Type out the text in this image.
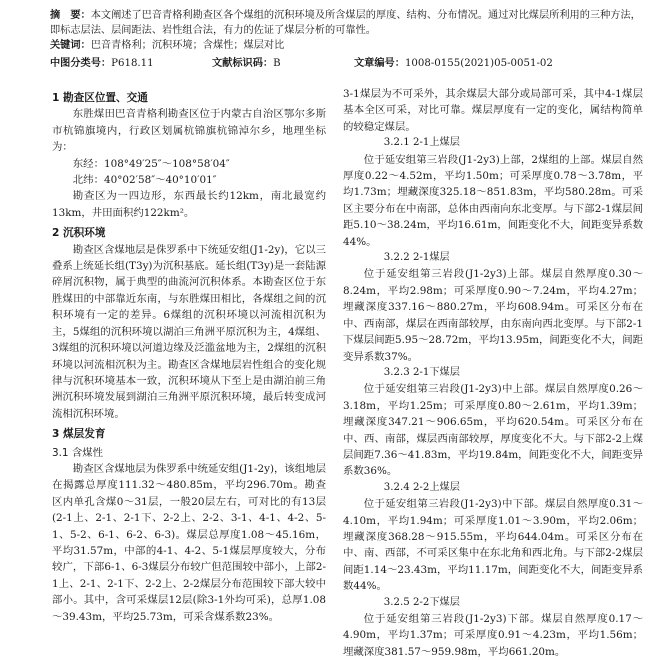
摘　要：本文阐述了巴音青格利勘查区各个煤组的沉积环境及所含煤层的厚度、结构、分布情况。通过对比煤层所利用的三种方法，即标志层法、层间距法、岩性组合法，有力的佐证了煤层分析的可靠性。
关键词：巴音青格利；沉积环境；含煤性；煤层对比
中图分类号：P618.11	文献标识码：B	文章编号：1008-0155(2021)05-0051-02
1 勘查区位置、交通

东胜煤田巴音青格利勘查区位于内蒙古自治区鄂尔多斯市杭锦旗境内，行政区划属杭锦旗杭锦淖尔乡，地理坐标为：

东经：108°49′25″～108°58′04″

北纬：40°02′58″～40°10′01″

勘查区为一四边形，东西最长约12km，南北最宽约13km，井田面积约122km²。

2 沉积环境

勘查区含煤地层是侏罗系中下统延安组(J1-2y)，它以三叠系上统延长组(T3y)为沉积基底。延长组(T3y)是一套陆源碎屑沉积物，属于典型的曲流河沉积体系。本勘查区位于东胜煤田的中部靠近东南，与东胜煤田相比，各煤组之间的沉积环境有一定的差异。6煤组的沉积环境以河流相沉积为主，5煤组的沉积环境以湖泊三角洲平原沉积为主，4煤组、3煤组的沉积环境以河道边缘及泛滥盆地为主，2煤组的沉积环境以河流相沉积为主。勘查区含煤地层岩性组合的变化规律与沉积环境基本一致，沉积环境从下至上是由湖泊前三角洲沉积环境发展到湖泊三角洲平原沉积环境，最后转变成河流相沉积环境。

3 煤层发育
3.1 含煤性

勘查区含煤地层为侏罗系中统延安组(J1-2y)，该组地层在揭露总厚度111.32～480.85m，平均296.70m。勘查区内单孔含煤0～31层，一般20层左右，可对比的有13层(2-1上、2-1、2-1下、2-2上、2-2、3-1、4-1、4-2、5-1、5-2、6-1、6-2、6-3)。煤层总厚度1.08～45.16m，平均31.57m，中部的4-1、4-2、5-1煤层厚度较大，分布较广，下部6-1、6-3煤层分布较广但范围较中部小，上部2-1上、2-1、2-1下、2-2上、2-2煤层分布范围较下部大较中部小。其中，含可采煤层12层(除3-1外均可采)，总厚1.08～39.43m，平均25.73m，可采含煤系数23%。

3-1煤层为不可采外，其余煤层大部分或局部可采，其中4-1煤层基本全区可采，对比可靠。煤层厚度有一定的变化，属结构简单的较稳定煤层。

3.2.1 2-1上煤层

位于延安组第三岩段(J1-2y3)上部，2煤组的上部。煤层自然厚度0.22～4.52m，平均1.50m；可采厚度0.78～3.78m，平均1.73m；埋藏深度325.18～851.83m，平均580.28m。可采区主要分布在中南部，总体由西南向东北变厚。与下部2-1煤层间距5.10～38.24m，平均16.61m，间距变化不大，间距变异系数44%。

3.2.2 2-1煤层

位于延安组第三岩段(J1-2y3)上部。煤层自然厚度0.30～8.24m，平均2.98m；可采厚度0.90～7.24m，平均4.27m；埋藏深度337.16～880.27m，平均608.94m。可采区分布在中、西南部，煤层在西南部较厚，由东南向西北变厚。与下部2-1下煤层间距5.95～28.72m，平均13.95m，间距变化不大，间距变异系数37%。

3.2.3 2-1下煤层

位于延安组第三岩段(J1-2y3)中上部。煤层自然厚度0.26～3.18m，平均1.25m；可采厚度0.80～2.61m，平均1.39m；埋藏深度347.21～906.65m，平均620.54m。可采区分布在中、西、南部，煤层西南部较厚，厚度变化不大。与下部2-2上煤层间距7.36～41.83m，平均19.84m，间距变化不大，间距变异系数36%。

3.2.4 2-2上煤层

位于延安组第三岩段(J1-2y3)中下部。煤层自然厚度0.31～4.10m，平均1.94m；可采厚度1.01～3.90m，平均2.06m；埋藏深度368.28～915.55m，平均644.04m。可采区分布在中、南、西部，不可采区集中在东北角和西北角。与下部2-2煤层间距1.14～23.43m，平均11.17m，间距变化不大，间距变异系数44%。

3.2.5 2-2下煤层

位于延安组第三岩段(J1-2y3)下部。煤层自然厚度0.17～4.90m，平均1.37m；可采厚度0.91～4.23m，平均1.56m；埋藏深度381.57～959.98m，平均661.20m。
